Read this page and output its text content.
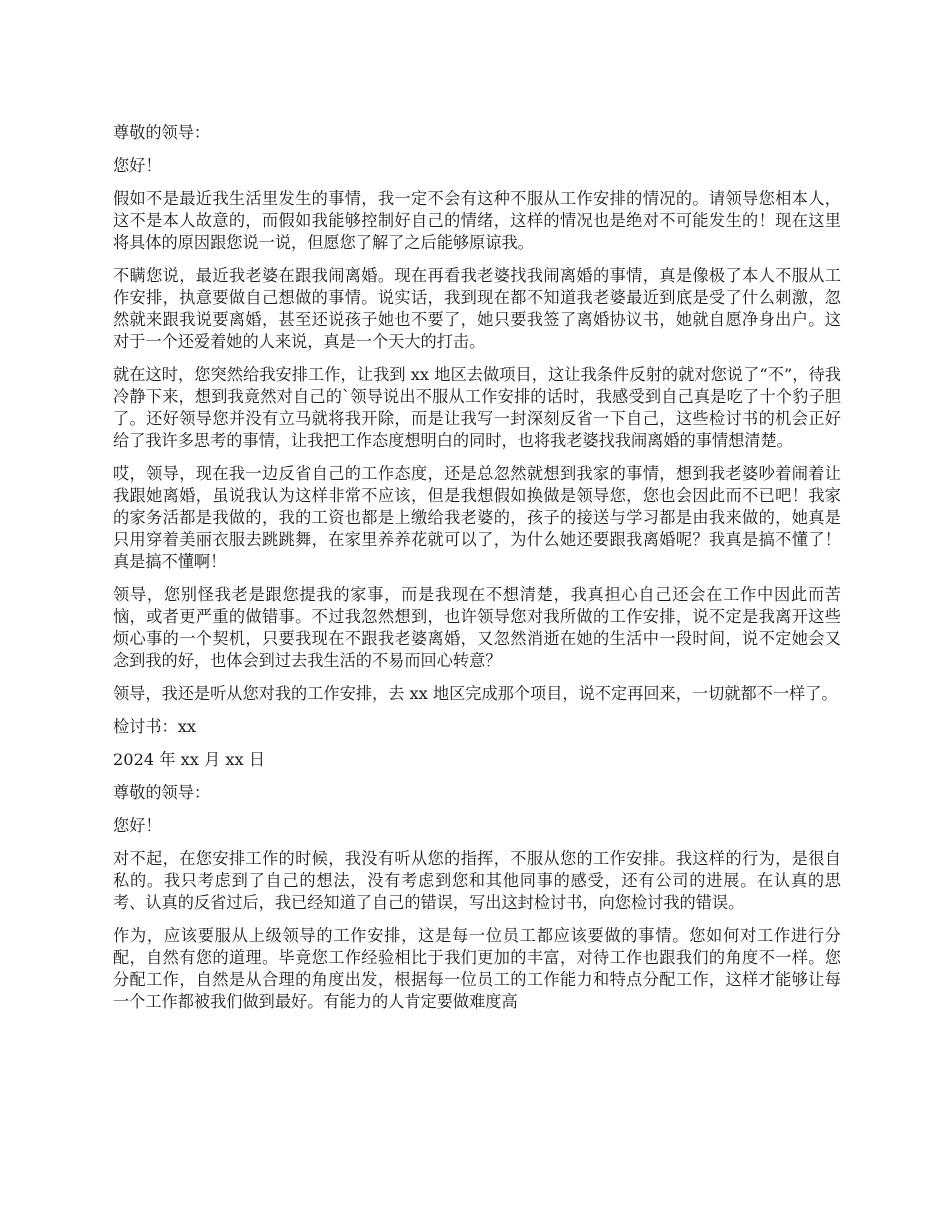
尊敬的领导：

您好！

假如不是最近我生活里发生的事情，我一定不会有这种不服从工作安排的情况的。请领导您相本人，这不是本人故意的，而假如我能够控制好自己的情绪，这样的情况也是绝对不可能发生的！现在这里将具体的原因跟您说一说，但愿您了解了之后能够原谅我。

不瞒您说，最近我老婆在跟我闹离婚。现在再看我老婆找我闹离婚的事情，真是像极了本人不服从工作安排，执意要做自己想做的事情。说实话，我到现在都不知道我老婆最近到底是受了什么刺激，忽然就来跟我说要离婚，甚至还说孩子她也不要了，她只要我签了离婚协议书，她就自愿净身出户。这对于一个还爱着她的人来说，真是一个天大的打击。

就在这时，您突然给我安排工作，让我到 xx 地区去做项目，这让我条件反射的就对您说了“不”，待我冷静下来，想到我竟然对自己的`领导说出不服从工作安排的话时，我感受到自己真是吃了十个豹子胆了。还好领导您并没有立马就将我开除，而是让我写一封深刻反省一下自己，这些检讨书的机会正好给了我许多思考的事情，让我把工作态度想明白的同时，也将我老婆找我闹离婚的事情想清楚。

哎，领导，现在我一边反省自己的工作态度，还是总忽然就想到我家的事情，想到我老婆吵着闹着让我跟她离婚，虽说我认为这样非常不应该，但是我想假如换做是领导您，您也会因此而不已吧！我家的家务活都是我做的，我的工资也都是上缴给我老婆的，孩子的接送与学习都是由我来做的，她真是只用穿着美丽衣服去跳跳舞，在家里养养花就可以了，为什么她还要跟我离婚呢？我真是搞不懂了！真是搞不懂啊！

领导，您别怪我老是跟您提我的家事，而是我现在不想清楚，我真担心自己还会在工作中因此而苦恼，或者更严重的做错事。不过我忽然想到，也许领导您对我所做的工作安排，说不定是我离开这些烦心事的一个契机，只要我现在不跟我老婆离婚，又忽然消逝在她的生活中一段时间，说不定她会又念到我的好，也体会到过去我生活的不易而回心转意？

领导，我还是听从您对我的工作安排，去 xx 地区完成那个项目，说不定再回来，一切就都不一样了。

检讨书：xx

2024 年 xx 月 xx 日

尊敬的领导：

您好！

对不起，在您安排工作的时候，我没有听从您的指挥，不服从您的工作安排。我这样的行为，是很自私的。我只考虑到了自己的想法，没有考虑到您和其他同事的感受，还有公司的进展。在认真的思考、认真的反省过后，我已经知道了自己的错误，写出这封检讨书，向您检讨我的错误。

作为，应该要服从上级领导的工作安排，这是每一位员工都应该要做的事情。您如何对工作进行分配，自然有您的道理。毕竟您工作经验相比于我们更加的丰富，对待工作也跟我们的角度不一样。您分配工作，自然是从合理的角度出发，根据每一位员工的工作能力和特点分配工作，这样才能够让每一个工作都被我们做到最好。有能力的人肯定要做难度高
